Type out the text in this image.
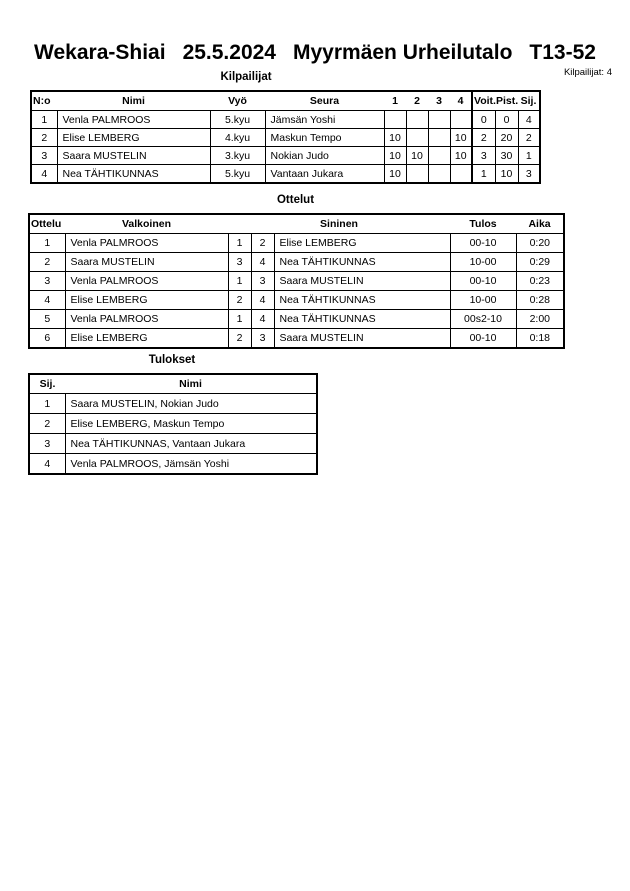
Wekara-Shiai 25.5.2024 Myyrmäen Urheilutalo T13-52
Kilpailijat: 4
Kilpailijat
N:o	Nimi	Vyö	Seura	1	2	3	4	Voit.	Pist.	Sij.
1	Venla PALMROOS	5.kyu	Jämsän Yoshi					0	0	4
2	Elise LEMBERG	4.kyu	Maskun Tempo	10			10	2	20	2
3	Saara MUSTELIN	3.kyu	Nokian Judo	10	10		10	3	30	1
4	Nea TÄHTIKUNNAS	5.kyu	Vantaan Jukara	10				1	10	3
Ottelut
Ottelu	Valkoinen	Sininen			Tulos	Aika
1	Venla PALMROOS	1	2	Elise LEMBERG	00-10	0:20
2	Saara MUSTELIN	3	4	Nea TÄHTIKUNNAS	10-00	0:29
3	Venla PALMROOS	1	3	Saara MUSTELIN	00-10	0:23
4	Elise LEMBERG	2	4	Nea TÄHTIKUNNAS	10-00	0:28
5	Venla PALMROOS	1	4	Nea TÄHTIKUNNAS	00s2-10	2:00
6	Elise LEMBERG	2	3	Saara MUSTELIN	00-10	0:18
Tulokset
Sij.	Nimi
1	Saara MUSTELIN, Nokian Judo
2	Elise LEMBERG, Maskun Tempo
3	Nea TÄHTIKUNNAS, Vantaan Jukara
4	Venla PALMROOS, Jämsän Yoshi
